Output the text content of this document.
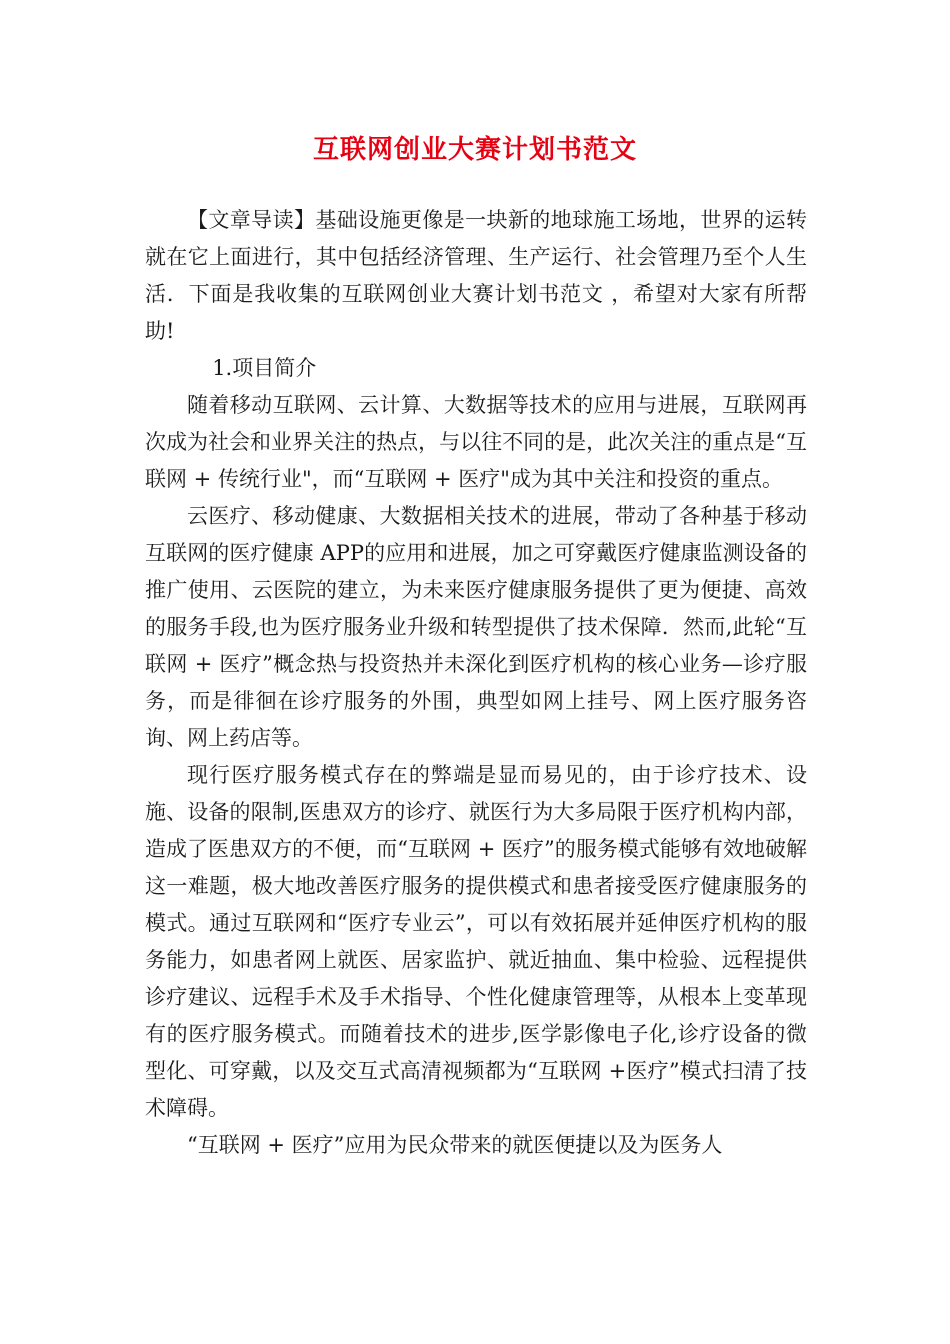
互联网创业大赛计划书范文

【文章导读】基础设施更像是一块新的地球施工场地，世界的运转就在它上面进行，其中包括经济管理、生产运行、社会管理乃至个人生活．下面是我收集的互联网创业大赛计划书范文 ，希望对大家有所帮助!

1.项目简介

随着移动互联网、云计算、大数据等技术的应用与进展，互联网再次成为社会和业界关注的热点，与以往不同的是，此次关注的重点是“互联网 + 传统行业"，而“互联网 + 医疗"成为其中关注和投资的重点。

云医疗、移动健康、大数据相关技术的进展，带动了各种基于移动互联网的医疗健康 APP的应用和进展，加之可穿戴医疗健康监测设备的推广使用、云医院的建立，为未来医疗健康服务提供了更为便捷、高效的服务手段,也为医疗服务业升级和转型提供了技术保障．然而,此轮“互联网 + 医疗”概念热与投资热并未深化到医疗机构的核心业务—诊疗服务，而是徘徊在诊疗服务的外围，典型如网上挂号、网上医疗服务咨询、网上药店等。

现行医疗服务模式存在的弊端是显而易见的，由于诊疗技术、设施、设备的限制,医患双方的诊疗、就医行为大多局限于医疗机构内部，造成了医患双方的不便，而“互联网 + 医疗”的服务模式能够有效地破解这一难题，极大地改善医疗服务的提供模式和患者接受医疗健康服务的模式。通过互联网和“医疗专业云”，可以有效拓展并延伸医疗机构的服务能力，如患者网上就医、居家监护、就近抽血、集中检验、远程提供诊疗建议、远程手术及手术指导、个性化健康管理等，从根本上变革现有的医疗服务模式。而随着技术的进步,医学影像电子化,诊疗设备的微型化、可穿戴，以及交互式高清视频都为“互联网 +医疗”模式扫清了技术障碍。

“互联网 + 医疗”应用为民众带来的就医便捷以及为医务人
